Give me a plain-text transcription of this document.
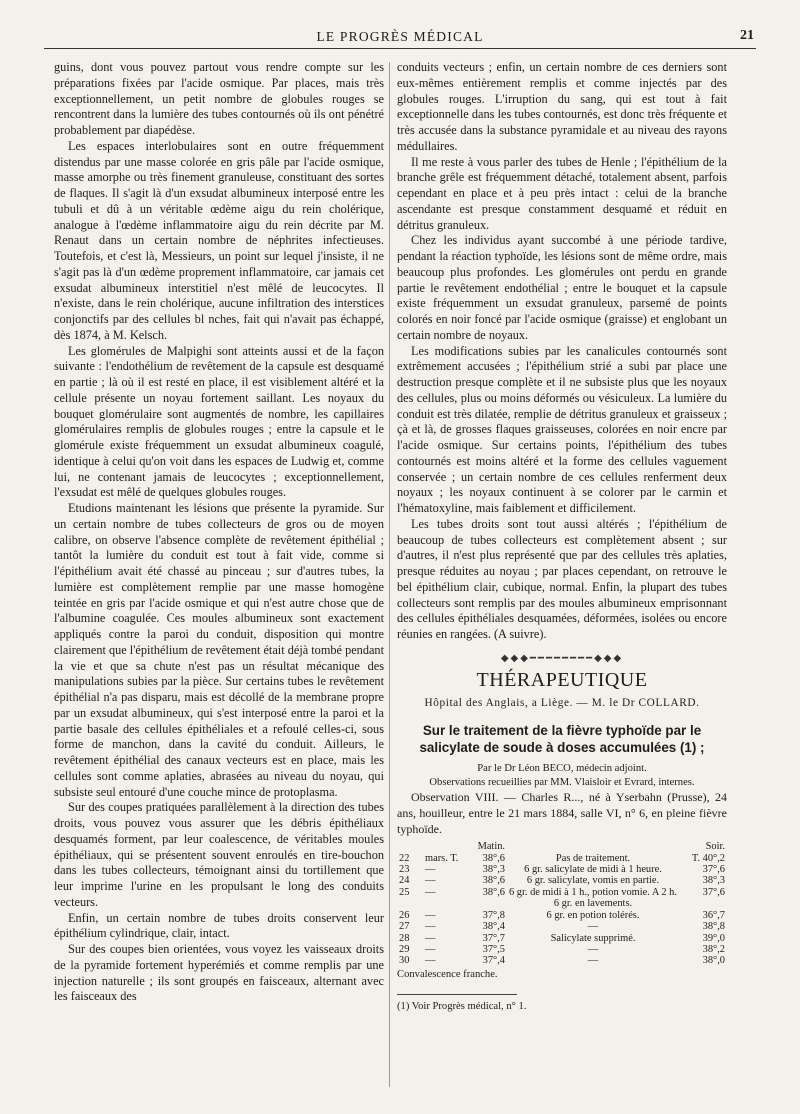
LE PROGRÈS MÉDICAL	21

guins, dont vous pouvez partout vous rendre compte sur les préparations fixées par l'acide osmique. Par places, mais très exceptionnellement, un petit nombre de globules rouges se rencontrent dans la lumière des tubes contournés où ils ont pénétré probablement par diapédèse.

Les espaces interlobulaires sont en outre fréquemment distendus par une masse colorée en gris pâle par l'acide osmique, masse amorphe ou très finement granuleuse, constituant des sortes de flaques. Il s'agit là d'un exsudat albumineux interposé entre les tubuli et dû à un véritable œdème aigu du rein cholérique, analogue à l'œdème inflammatoire aigu du rein décrite par M. Renaut dans un certain nombre de néphrites infectieuses. Toutefois, et c'est là, Messieurs, un point sur lequel j'insiste, il ne s'agit pas là d'un œdème proprement inflammatoire, car jamais cet exsudat albumineux interstitiel n'est mêlé de leucocytes. Il n'existe, dans le rein cholérique, aucune infiltration des interstices conjonctifs par des cellules bl nches, fait qui n'avait pas échappé, dès 1874, à M. Kelsch.

Les glomérules de Malpighi sont atteints aussi et de la façon suivante : l'endothélium de revêtement de la capsule est desquamé en partie ; là où il est resté en place, il est visiblement altéré et la cellule présente un noyau fortement saillant. Les noyaux du bouquet glomérulaire sont augmentés de nombre, les capillaires glomérulaires remplis de globules rouges ; entre la capsule et le glomérule existe fréquemment un exsudat albumineux coagulé, identique à celui qu'on voit dans les espaces de Ludwig et, comme lui, ne contenant jamais de leucocytes ; exceptionnellement, l'exsudat est mêlé de quelques globules rouges.

Etudions maintenant les lésions que présente la pyramide. Sur un certain nombre de tubes collecteurs de gros ou de moyen calibre, on observe l'absence complète de revêtement épithélial ; tantôt la lumière du conduit est tout à fait vide, comme si l'épithélium avait été chassé au pinceau ; sur d'autres tubes, la lumière est complètement remplie par une masse homogène teintée en gris par l'acide osmique et qui n'est autre chose que de l'albumine coagulée. Ces moules albumineux sont exactement appliqués contre la paroi du conduit, disposition qui montre clairement que l'épithélium de revêtement était déjà tombé pendant la vie et que sa chute n'est pas un résultat mécanique des manipulations subies par la pièce. Sur certains tubes le revêtement épithélial n'a pas disparu, mais est décollé de la membrane propre par un exsudat albumineux, qui s'est interposé entre la paroi et la partie basale des cellules épithéliales et a refoulé celles-ci, sous forme de manchon, dans la cavité du conduit. Ailleurs, le revêtement épithélial des canaux vecteurs est en place, mais les cellules sont comme aplaties, abrasées au niveau du noyau, qui subsiste seul entouré d'une couche mince de protoplasma.

Sur des coupes pratiquées parallèlement à la direction des tubes droits, vous pouvez vous assurer que les débris épithéliaux desquamés forment, par leur coalescence, de véritables moules épithéliaux, qui se présentent souvent enroulés en tire-bouchon dans les tubes collecteurs, témoignant ainsi du tortillement que leur imprime l'urine en les propulsant le long des conduits vecteurs.

Enfin, un certain nombre de tubes droits conservent leur épithélium cylindrique, clair, intact.

Sur des coupes bien orientées, vous voyez les vaisseaux droits de la pyramide fortement hyperémiés et comme remplis par une injection naturelle ; ils sont groupés en faisceaux, alternant avec les faisceaux des

conduits vecteurs ; enfin, un certain nombre de ces derniers sont eux-mêmes entièrement remplis et comme injectés par des globules rouges. L'irruption du sang, qui est tout à fait exceptionnelle dans les tubes contournés, est donc très fréquente et très accusée dans la substance pyramidale et au niveau des rayons médullaires.

Il me reste à vous parler des tubes de Henle ; l'épithélium de la branche grêle est fréquemment détaché, totalement absent, parfois cependant en place et à peu près intact : celui de la branche ascendante est presque constamment desquamé et réduit en détritus granuleux.

Chez les individus ayant succombé à une période tardive, pendant la réaction typhoïde, les lésions sont de même ordre, mais beaucoup plus profondes. Les glomérules ont perdu en grande partie le revêtement endothélial ; entre le bouquet et la capsule existe fréquemment un exsudat granuleux, parsemé de points colorés en noir foncé par l'acide osmique (graisse) et englobant un certain nombre de noyaux.

Les modifications subies par les canalicules contournés sont extrêmement accusées ; l'épithélium strié a subi par place une destruction presque complète et il ne subsiste plus que les noyaux des cellules, plus ou moins déformés ou vésiculeux. La lumière du conduit est très dilatée, remplie de détritus granuleux et graisseux ; çà et là, de grosses flaques graisseuses, colorées en noir encre par l'acide osmique. Sur certains points, l'épithélium des tubes contournés est moins altéré et la forme des cellules vaguement conservée ; un certain nombre de ces cellules renferment deux noyaux ; les noyaux continuent à se colorer par le carmin et l'hématoxyline, mais faiblement et difficilement.

Les tubes droits sont tout aussi altérés ; l'épithélium de beaucoup de tubes collecteurs est complètement absent ; sur d'autres, il n'est plus représenté que par des cellules très aplaties, presque réduites au noyau ; par places cependant, on retrouve le bel épithélium clair, cubique, normal. Enfin, la plupart des tubes collecteurs sont remplis par des moules albumineux emprisonnant des cellules épithéliales desquamées, déformées, isolées ou encore réunies en rangées. (A suivre).

◆◆◆━━━━━━━━◆◆◆
THÉRAPEUTIQUE
Hôpital des Anglais, a Liège. — M. le Dr COLLARD.
Sur le traitement de la fièvre typhoïde par le salicylate de soude à doses accumulées (1) ;
Par le Dr Léon BECO, médecin adjoint.
Observations recueillies par MM. Vlaisloir et Evrard, internes.

Observation VIII. — Charles R..., né à Yserbahn (Prusse), 24 ans, houilleur, entre le 21 mars 1884, salle VI, n° 6, en pleine fièvre typhoïde.

		Matin.		Soir.
22	mars. T.	38°,6	Pas de traitement.	T. 40°,2
23	—	38°,3	6 gr. salicylate de midi à 1 heure.	37°,6
24	—	38°,6	6 gr. salicylate, vomis en partie.	38°,3
25	—	38°,6	6 gr. de midi à 1 h., potion vomie. A 2 h. 6 gr. en lavements.	37°,6
26	—	37°,8	6 gr. en potion tolérés.	36°,7
27	—	38°,4	—	38°,8
28	—	37°,7	Salicylate supprimé.	39°,0
29	—	37°,5	—	38°,2
30	—	37°,4	—	38°,0
Convalescence franche.
(1) Voir Progrès médical, n° 1.
